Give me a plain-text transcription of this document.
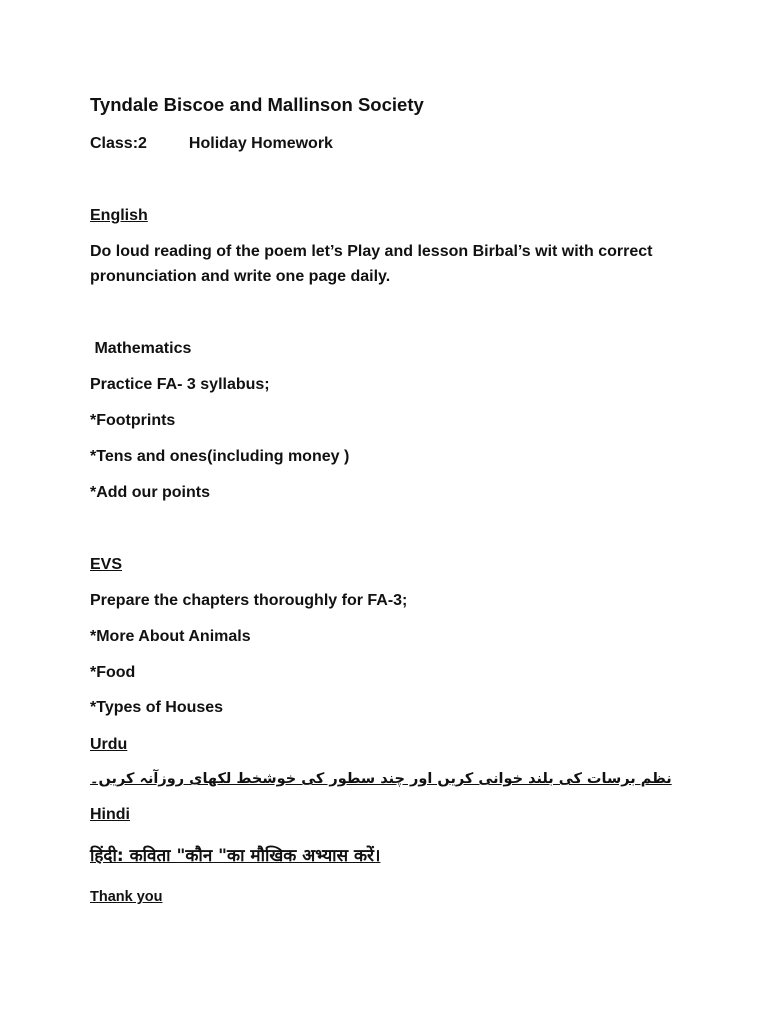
Tyndale Biscoe and Mallinson Society
Class:2	Holiday Homework
English
Do loud reading of the poem let’s Play and lesson Birbal’s wit with correct pronunciation and write one page daily.
Mathematics
Practice FA- 3 syllabus;
*Footprints
*Tens and ones(including money )
*Add our points
EVS
Prepare the chapters thoroughly for FA-3;
*More About Animals
*Food
*Types of Houses
Urdu
نظم برسات کی بلند خوانی کریں اور چند سطور کی خوشخط لکھای روزآنہ کریں۔
Hindi
हिंदी: कविता "कौन "का मौखिक अभ्यास करें।
Thank you
